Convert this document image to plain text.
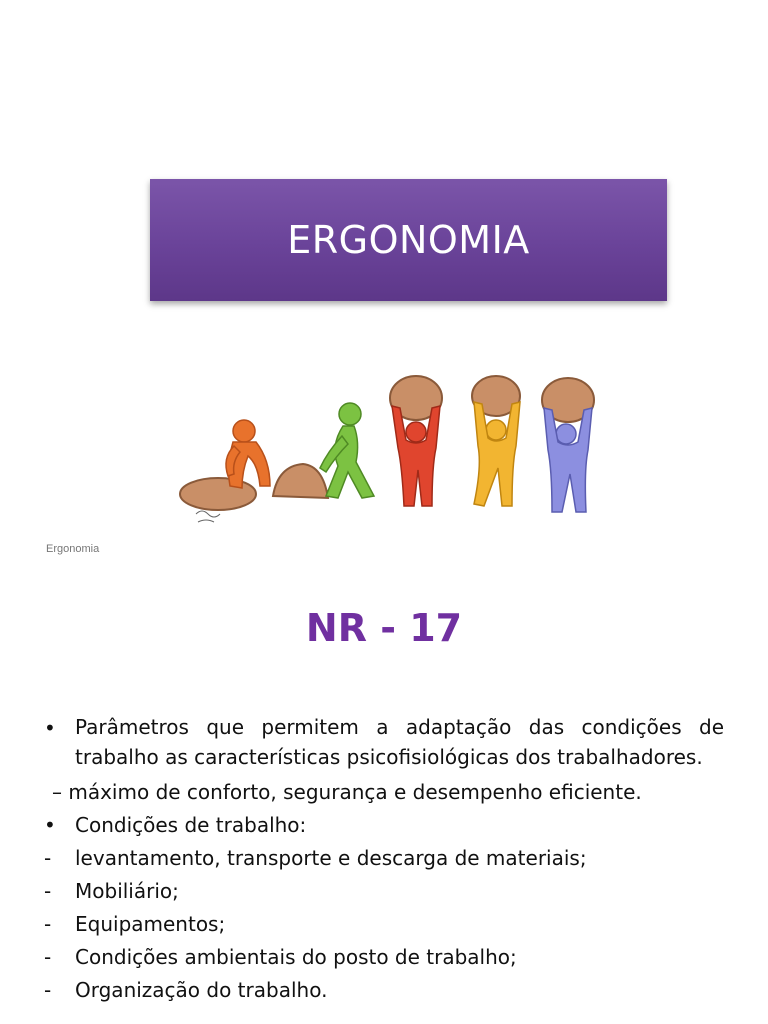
ERGONOMIA
Ergonomia
NR - 17
• Parâmetros que permitem a adaptação das condições de trabalho as características psicofisiológicas dos trabalhadores.
– máximo de conforto, segurança e desempenho eficiente.
• Condições de trabalho:
-	levantamento, transporte e descarga de materiais;
-	Mobiliário;
-	Equipamentos;
-	Condições ambientais do posto de trabalho;
-	Organização do trabalho.
